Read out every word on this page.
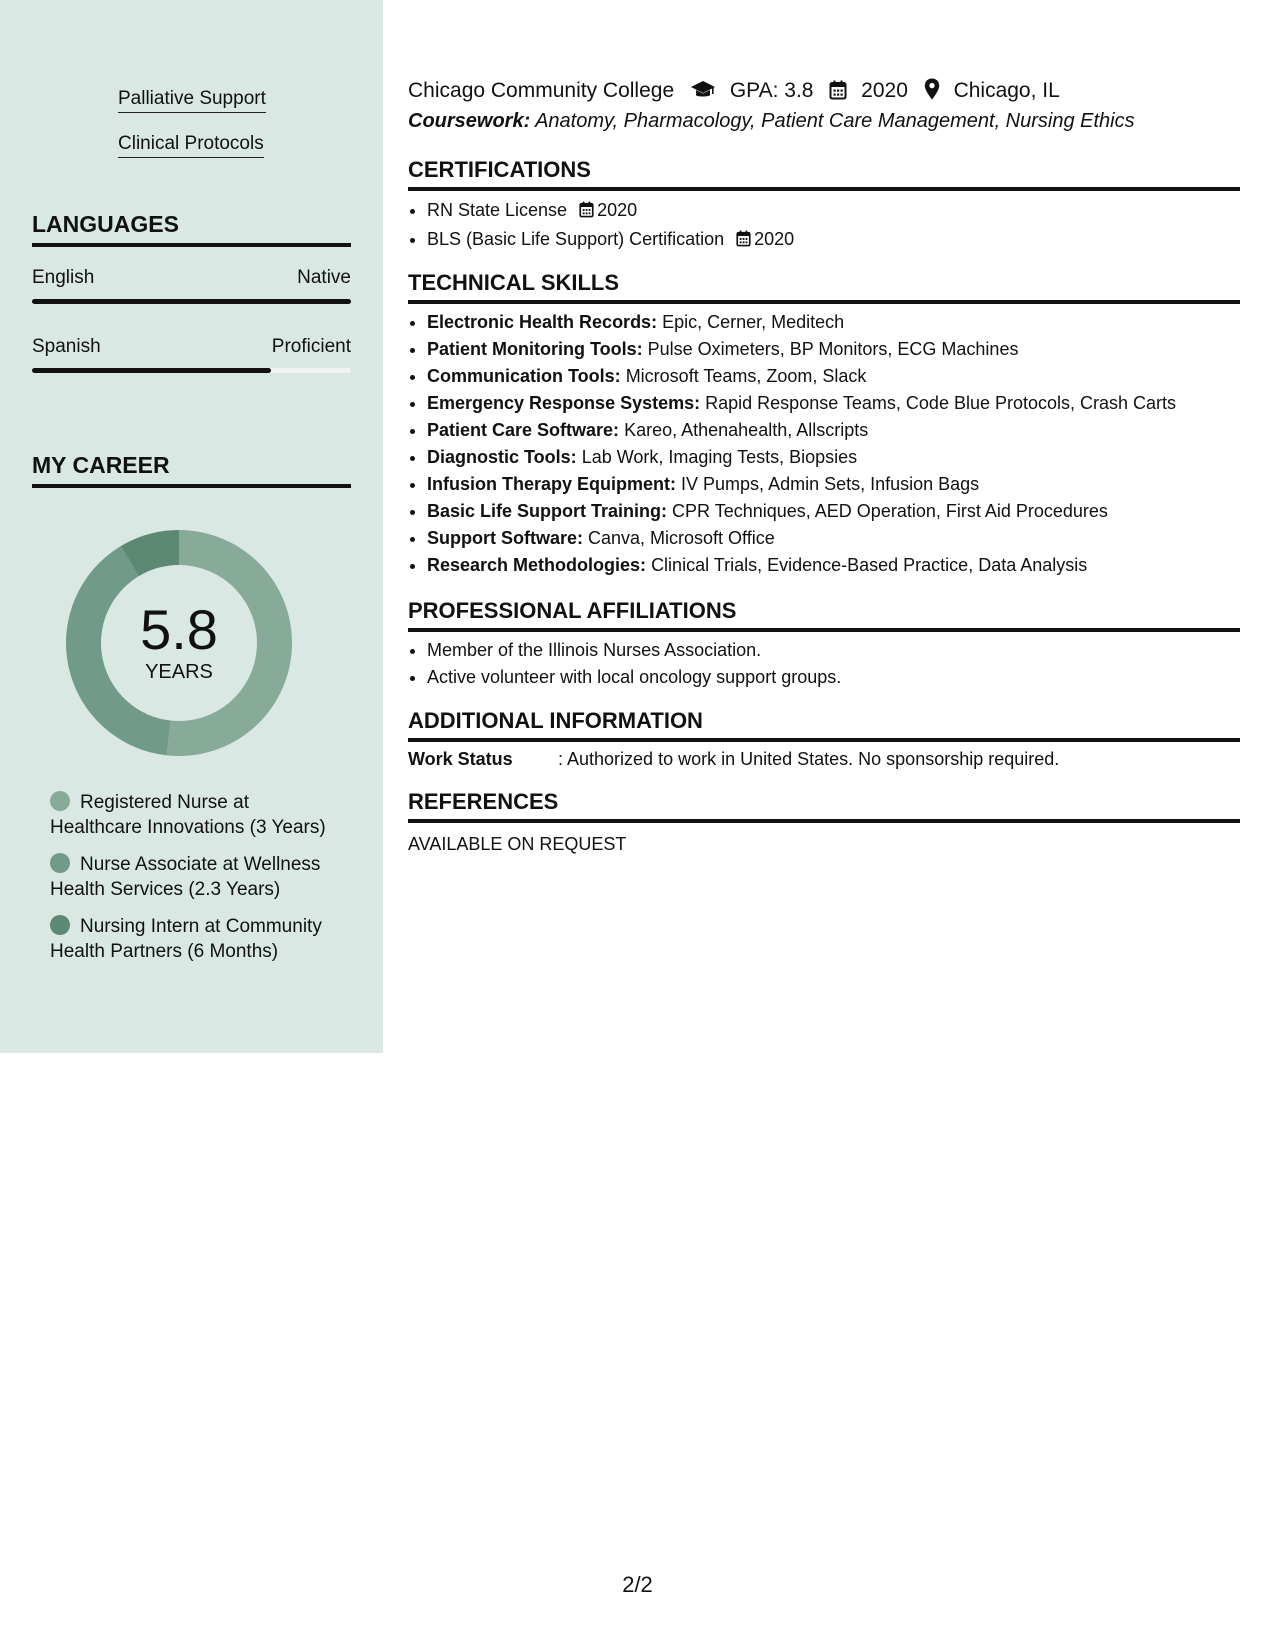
Palliative Support
Clinical Protocols
LANGUAGES
English	Native
Spanish	Proficient
MY CAREER
5.8
YEARS
Registered Nurse at Healthcare Innovations (3 Years)
Nurse Associate at Wellness Health Services (2.3 Years)
Nursing Intern at Community Health Partners (6 Months)
Chicago Community College	GPA: 3.8 2020 Chicago, IL
Coursework: Anatomy, Pharmacology, Patient Care Management, Nursing Ethics
CERTIFICATIONS
• RN State License 2020
• BLS (Basic Life Support) Certification 2020
TECHNICAL SKILLS
• Electronic Health Records: Epic, Cerner, Meditech
• Patient Monitoring Tools: Pulse Oximeters, BP Monitors, ECG Machines
• Communication Tools: Microsoft Teams, Zoom, Slack
• Emergency Response Systems: Rapid Response Teams, Code Blue Protocols, Crash Carts
• Patient Care Software: Kareo, Athenahealth, Allscripts
• Diagnostic Tools: Lab Work, Imaging Tests, Biopsies
• Infusion Therapy Equipment: IV Pumps, Admin Sets, Infusion Bags
• Basic Life Support Training: CPR Techniques, AED Operation, First Aid Procedures
• Support Software: Canva, Microsoft Office
• Research Methodologies: Clinical Trials, Evidence-Based Practice, Data Analysis
PROFESSIONAL AFFILIATIONS
• Member of the Illinois Nurses Association.
• Active volunteer with local oncology support groups.
ADDITIONAL INFORMATION
Work Status	: Authorized to work in United States. No sponsorship required.
REFERENCES
AVAILABLE ON REQUEST
2/2
